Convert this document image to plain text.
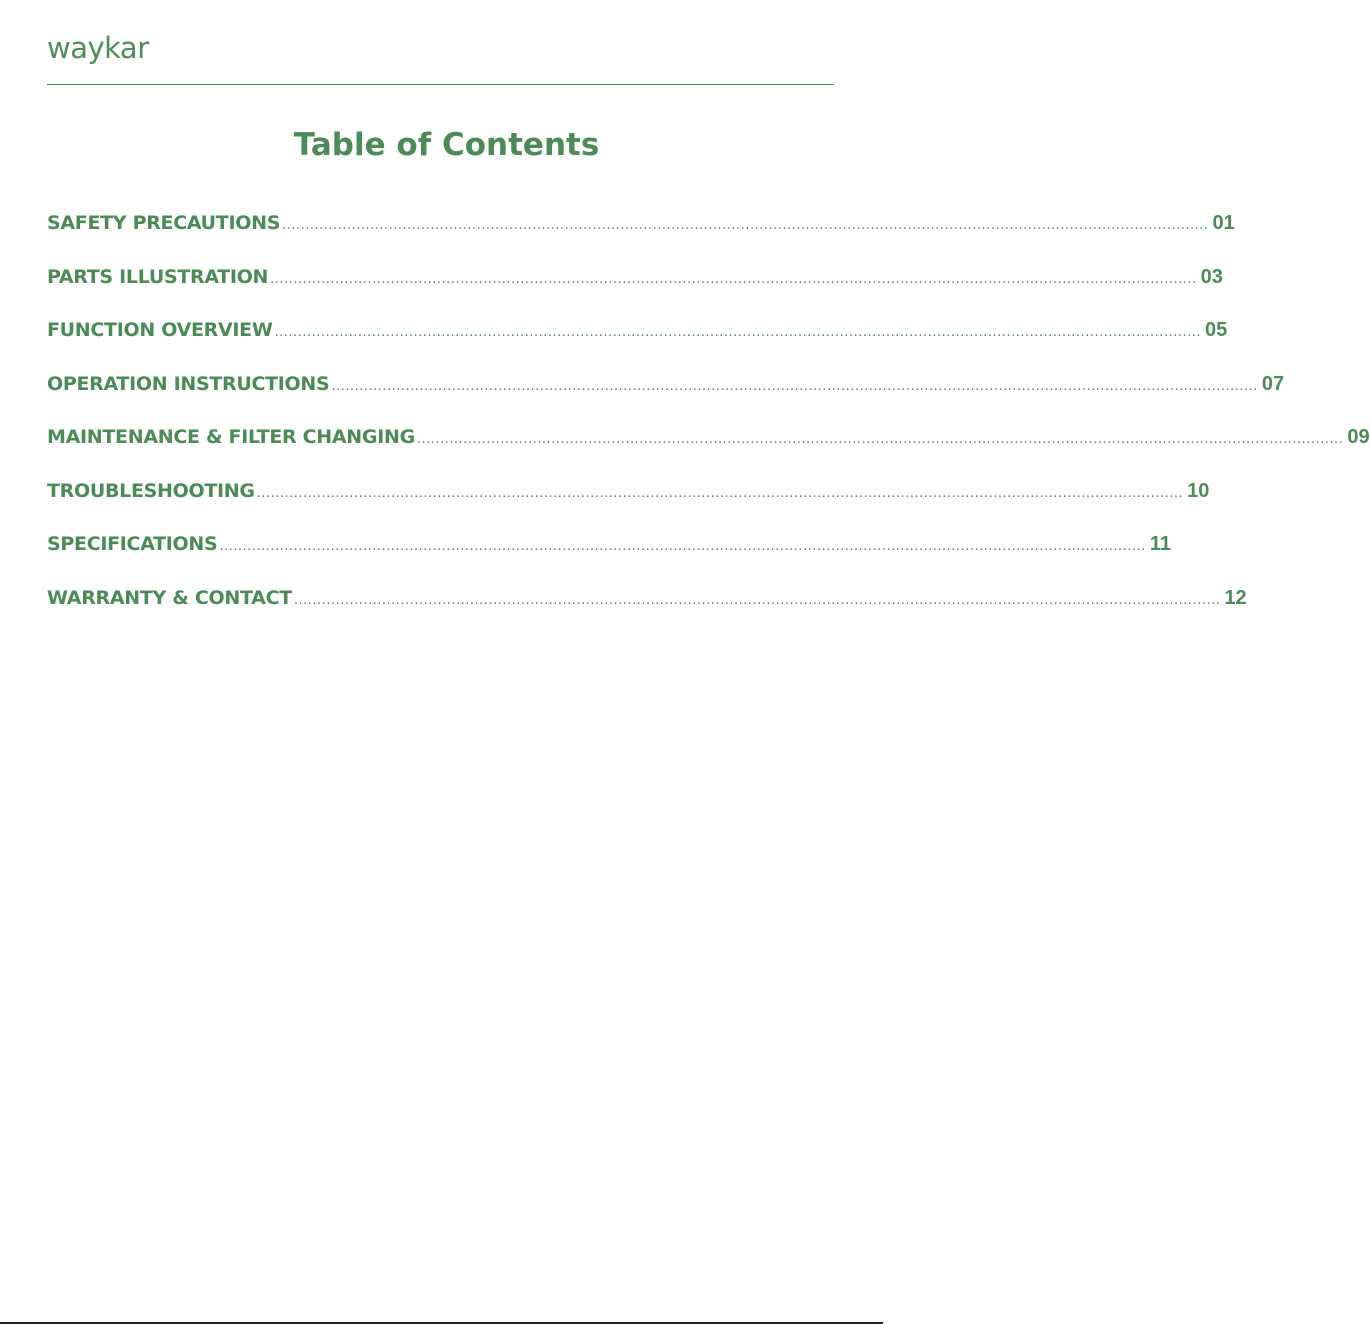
waykar
Table of Contents
SAFETY PRECAUTIONS ........................................................................................................................................................................................................ 01
PARTS ILLUSTRATION ........................................................................................................................................................................................................ 03
FUNCTION OVERVIEW ........................................................................................................................................................................................................ 05
OPERATION INSTRUCTIONS ........................................................................................................................................................................................................ 07
MAINTENANCE & FILTER CHANGING ........................................................................................................................................................................................................ 09
TROUBLESHOOTING ........................................................................................................................................................................................................ 10
SPECIFICATIONS ........................................................................................................................................................................................................ 11
WARRANTY & CONTACT ........................................................................................................................................................................................................ 12
